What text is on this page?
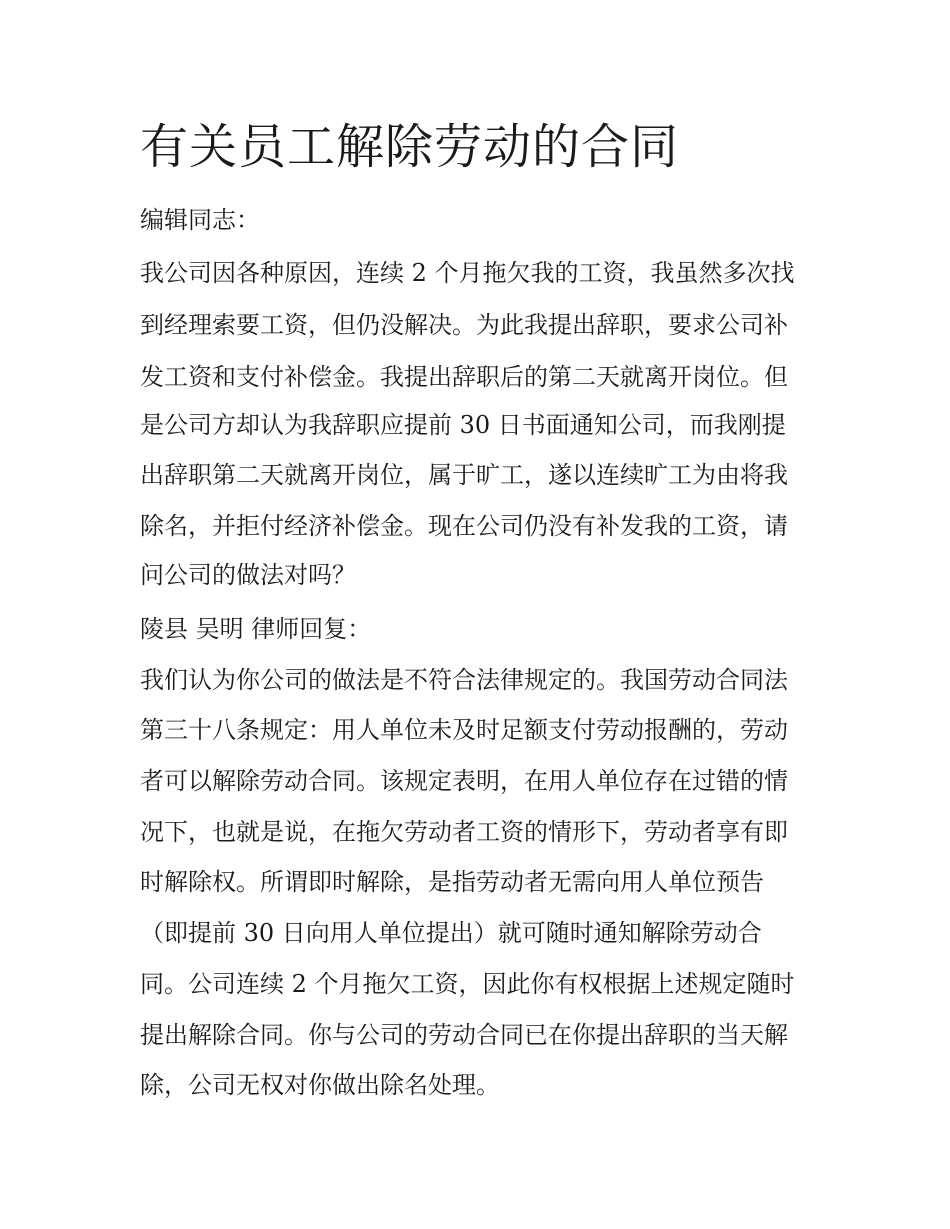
有关员工解除劳动的合同

编辑同志：

我公司因各种原因，连续 2 个月拖欠我的工资，我虽然多次找

到经理索要工资，但仍没解决。为此我提出辞职，要求公司补

发工资和支付补偿金。我提出辞职后的第二天就离开岗位。但

是公司方却认为我辞职应提前 30 日书面通知公司，而我刚提

出辞职第二天就离开岗位，属于旷工，遂以连续旷工为由将我

除名，并拒付经济补偿金。现在公司仍没有补发我的工资，请

问公司的做法对吗？

陵县 吴明 律师回复：

我们认为你公司的做法是不符合法律规定的。我国劳动合同法

第三十八条规定：用人单位未及时足额支付劳动报酬的，劳动

者可以解除劳动合同。该规定表明，在用人单位存在过错的情

况下，也就是说，在拖欠劳动者工资的情形下，劳动者享有即

时解除权。所谓即时解除，是指劳动者无需向用人单位预告

（即提前 30 日向用人单位提出）就可随时通知解除劳动合

同。公司连续 2 个月拖欠工资，因此你有权根据上述规定随时

提出解除合同。你与公司的劳动合同已在你提出辞职的当天解

除，公司无权对你做出除名处理。
